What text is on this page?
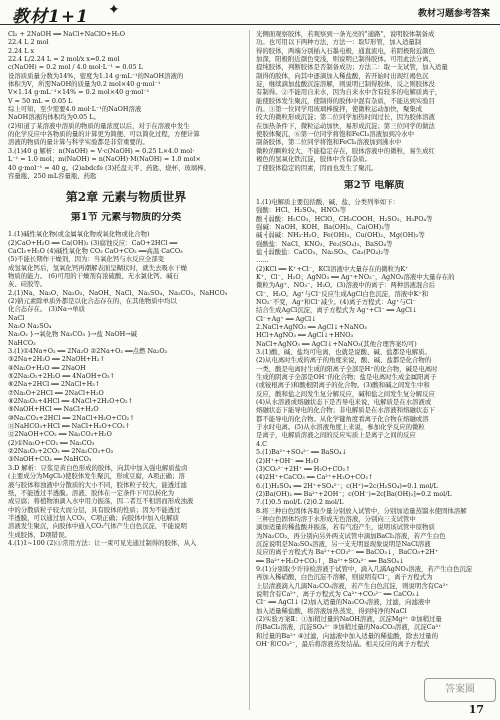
教材1+1 ✦	教材习题参考答案

Cl₂ + 2NaOH ══ NaCl+NaClO+H₂O

22.4 L 2 mol

2.24 L x

22.4 L/2.24 L = 2 mol/x x=0.2 mol

c(NaOH) = 0.2 mol / 4.0 mol·L⁻¹ = 0.05 L

设溶质质量分数为14%，密度为1.14 g·mL⁻¹的NaOH溶液的

体积为V，所需NaOH的质量为0.2 mol×40 g·mol⁻¹

V×1.14 g·mL⁻¹×14% = 0.2 mol×40 g·mol⁻¹

V ≈ 50 mL = 0.05 L

综上可知，至少需要4.0 mol·L⁻¹的NaOH溶液

NaOH溶液的体积均为0.05 L。

(2)知道了某溶液中溶质的物质的量浓度以后，对于在溶液中发生

的化学反应中各物质的量的计算更为简便、可以简化过程，方便计算

溶液的物质的量计算与科学实验都是非常重要的。

3.(1)40 g 解析：n(NaOH) = V·c(NaOH) = 0.25 L×4.0 mol·

L⁻¹ = 1.0 mol；m(NaOH) = n(NaOH)·M(NaOH) = 1.0 mol×

40 g·mol⁻¹ = 40 g。(2)abdcfe (3)托盘天平、药匙、烧杯、玻璃棒、

容量瓶、250 mL容量瓶、药匙

第2章 元素与物质世界

第1节 元素与物质的分类

1.(1)碱性氧化物(或金属氧化物或氧化物或化合物)

(2)CaO+H₂O ══ Ca(OH)₂ (3)腐蚀反应：CaO+2HCl ══

CaCl₂+H₂O (4)碱性氧化物 CO₂ CaO+CO₂ ══高温 CaCO₃

(5)不能长期作干燥剂，因为：当氧化钙与水反应全部变

成氢氧化钙后，氢氧化钙再潮解表面呈糊状时，就失去吸水干燥

物质的能力。 (6)可用的干燥剂有浓硫酸、无水氯化钙、碱石

灰、硅胶等。

2.(1)Na、Na₂O、Na₂O₂、NaOH、NaCl、Na₂SO₄、Na₂CO₃、NaHCO₃

(2)钠元素除单质外都是以化合态存在的，在其他物质中均以

化合态存在。 (3)Na→单质

NaCl

Na₂O Na₂SO₄

Na₂O₂ }→氧化物 Na₂CO₃ }→盐 NaOH→碱

NaHCO₃

3.(1)①4Na+O₂ ══ 2Na₂O ②2Na+O₂ ══点燃 Na₂O₂

③2Na+2H₂O ══ 2NaOH+H₂↑

④Na₂O+H₂O ══ 2NaOH

⑤2Na₂O₂+2H₂O ══ 4NaOH+O₂↑

⑥2Na+2HCl ══ 2NaCl+H₂↑

⑦Na₂O+2HCl ══ 2NaCl+H₂O

⑧2Na₂O₂+4HCl ══ 4NaCl+2H₂O+O₂↑

⑨NaOH+HCl ══ NaCl+H₂O

⑩Na₂CO₃+2HCl ══ 2NaCl+H₂O+CO₂↑

⑪NaHCO₃+HCl ══ NaCl+H₂O+CO₂↑

⑫2NaOH+CO₂ ══ Na₂CO₃+H₂O

(2)①Na₂O+CO₂ ══ Na₂CO₃

②2Na₂O₂+2CO₂ ══ 2Na₂CO₃+O₂

③NaOH+CO₂ ══ NaHCO₃

3.D 解析：豆浆是黄白色形成的胶体，向其中加入强电解质盐卤

(主要成分为MgCl₂)使胶体发生聚沉，形成豆腐，A项正确；溶

液与胶体和浊液中分散质的大小不同，胶体粒子较大，能透过滤

纸，不能透过半透膜。溶液、胶体在一定条件下可以转化为

成豆腐；将植物油滴入水中用力振荡，因二者互不相溶而形成浊液

中的分散质粒子较大而分层，具有胶体的性质；因为不能透过

半透膜，可以通过加入CO₂，C项正确；向胶体中加入电解质

溶液发生聚沉，向胶体中通入CO₂气体产生白色沉淀，不能说明

生成胶体，D项错误。

4.(1)1~100 (2)①常用方法：让一束可见光通过制得的胶体，从入

光侧面观察胶体，若观察到一条光亮的"通路"，说明胶体制备成

功。也可用以下两种方法，方法一：取U形管，加入适量制

得的胶体，两端分别插入石墨电极，通直流电，若阴极附近颜色

加深，阳极附近颜色变浅，则说明已制得胶体。可用此法分离、

提纯胶体，判断胶体是否制备成功；方法二：取一支试管，加入适量

制得的胶体，向其中逐滴加入稀盐酸，若开始时出现红褐色沉

淀，继续滴加盐酸沉淀溶解，则说明已制得胶体，反之则胶体没

有制得。②不能用自来水，因为自来水中含有较多的电解质离子，

能使胶体发生聚沉，使制得的胶体中混有杂质，不能达到实验目

的。③第一位同学用玻璃棒搅拌，使微粒运动加快，聚集成

较大的微粒形成沉淀；第二位同学加热时间过长，因为胶体溶液

在加热条件下，微粒运动加快，易形成沉淀；第三位同学的做法

使胶体聚沉，⑥第一位同学将饱和FeCl₃溶液加到冷水中

制备胶体，第二位同学将饱和FeCl₃溶液加到沸水中

微粒的颗粒较大，不能稳定存在，胶体溶液中的微粒，易生成红

褐色的氢氧化铁沉淀，胶体中含有杂质。

了使胶体稳定的因素，因而也发生了聚沉。

第2节 电解质

1.(1)电解质主要包括酸、碱、盐、分类列举如下：

强酸：HCl、H₂SO₄、HNO₃等

酸 ┤弱酸：H₂CO₃、HClO、CH₃COOH、H₂SO₃、H₃PO₄等

强碱：NaOH、KOH、Ba(OH)₂、Ca(OH)₂等

碱 ┤弱碱：NH₃·H₂O、Fe(OH)₃、Cu(OH)₂、Mg(OH)₂等

强酸盐：NaCl、KNO₃、Fe₂(SO₄)₃、BaSO₄等

盐 ┤弱酸盐：CaCO₃、Na₂SO₃、Ca₃(PO₄)₂等

……

(2)KCl ══ K⁺+Cl⁻，KCl溶液中大量存在的微粒为K⁺

K⁺、Cl⁻、H₂O；AgNO₃ ══ Ag⁺+NO₃⁻，AgNO₃溶液中大量存在的

微粒为Ag⁺、NO₃⁻、H₂O。(3)溶液中的离子：两种溶液混合后

Cl⁻、H₂O。Ag⁺与Cl⁻反应生成AgCl白色沉淀，溶液中K⁺和

NO₃⁻不变，Ag⁺和Cl⁻减少。(4)离子方程式：Ag⁺与Cl⁻

结合生成AgCl沉淀，离子方程式为 Ag⁺+Cl⁻ ══ AgCl↓

Cl⁻+Ag⁺ ══ AgCl↓

2.NaCl+AgNO₃ ══ AgCl↓+NaNO₃

HCl+AgNO₃ ══ AgCl↓+HNO₃

NaCl+AgNO₃ ══ AgCl↓+NaNO₃(其他合理答案均可)

3.(1)酸、碱、盐均可电离，也就是说酸、碱、盐都是电解质。

(2)从电离时生成的离子的角度来说，酸、碱、盐都是化合物的

一类，酸是电离时生成的阳离子全部是H⁺的化合物，碱是电离时

生成的阴离子全部是OH⁻的化合物；盐是电离时生成金属阳离子

(或铵根离子)和酸根阴离子的化合物。(3)酸和碱之间发生中和

反应，酸和盐之间发生复分解反应，碱和盐之间发生复分解反应

(4)从水溶液或熔融状态下是否导电来说，电解质是在水溶液或

熔融状态下能导电的化合物；非电解质是在水溶液和熔融状态下

都不能导电的化合物。从化学键角度看离子化合物在熔融或溶

于水时电离。(5)从水溶液角度上来说，参加化学反应的微粒

是离子，电解质溶液之间的反应实质上是离子之间的反应

4.C

5.(1)Ba²⁺+SO₄²⁻ ══ BaSO₄↓

(2)H⁺+OH⁻ ══ H₂O

(3)CO₃²⁻+2H⁺ ══ H₂O+CO₂↑

(4)2H⁺+CaCO₃ ══ Ca²⁺+H₂O+CO₂↑

6.(1)H₂SO₄ ══ 2H⁺+SO₄²⁻；c(H⁺)=2c(H₂SO₄)=0.1 mol/L

(2)Ba(OH)₂ ══ Ba²⁺+2OH⁻；c(OH⁻)=2c[Ba(OH)₂]=0.2 mol/L

7.(1)0.5 mol/L (2)0.2 mol/L

8.将三种白色固体各取少量分别放入试管中，分别加适量蒸馏水使固体溶解

三种白色固体均溶于水形成无色溶液，分别向三支试管中

滴加适量的稀盐酸并振荡，若有气泡产生，说明该试管中原物质

为Na₂CO₃，再分别向另外两支试管中滴加BaCl₂溶液，若产生白色

沉淀说明是Na₂SO₄溶液，另一支无明显现象说明是NaCl溶液

反应的离子方程式为 Ba²⁺+CO₃²⁻ ══ BaCO₃↓，BaCO₃+2H⁺

══ Ba²⁺+H₂O+CO₂↑，Ba²⁺+SO₄²⁻ ══ BaSO₄↓

9.(1)分别取少许待检溶液于试管中，滴入几滴AgNO₃溶液，若产生白色沉淀

再加入稀硝酸，白色沉淀不溶解，则说明有Cl⁻，离子方程式为

上层清液滴入几滴Na₂CO₃溶液，若产生白色沉淀，则说明含有Ca²⁺

说明含有Ca²⁺，离子方程式为 Ca²⁺+CO₃²⁻ ══ CaCO₃↓

Cl⁻ ══ AgCl↓ (2)加入适量的Na₂CO₃溶液，过滤，向滤液中

加入适量稀盐酸，将溶液加热蒸发，得到纯净的NaCl

(2)实验方案Ⅱ：①加稍过量的NaOH溶液，沉淀Mg²⁺ ②加稍过量

的BaCl₂溶液，沉淀SO₄²⁻ ③加稍过量的Na₂CO₃溶液，沉淀Ca²⁺

和过量的Ba²⁺ ④过滤，向滤液中加入适量的稀盐酸，除去过量的

OH⁻和CO₃²⁻，最后将溶液蒸发结晶。相关反应的离子方程式

答案圈
17
